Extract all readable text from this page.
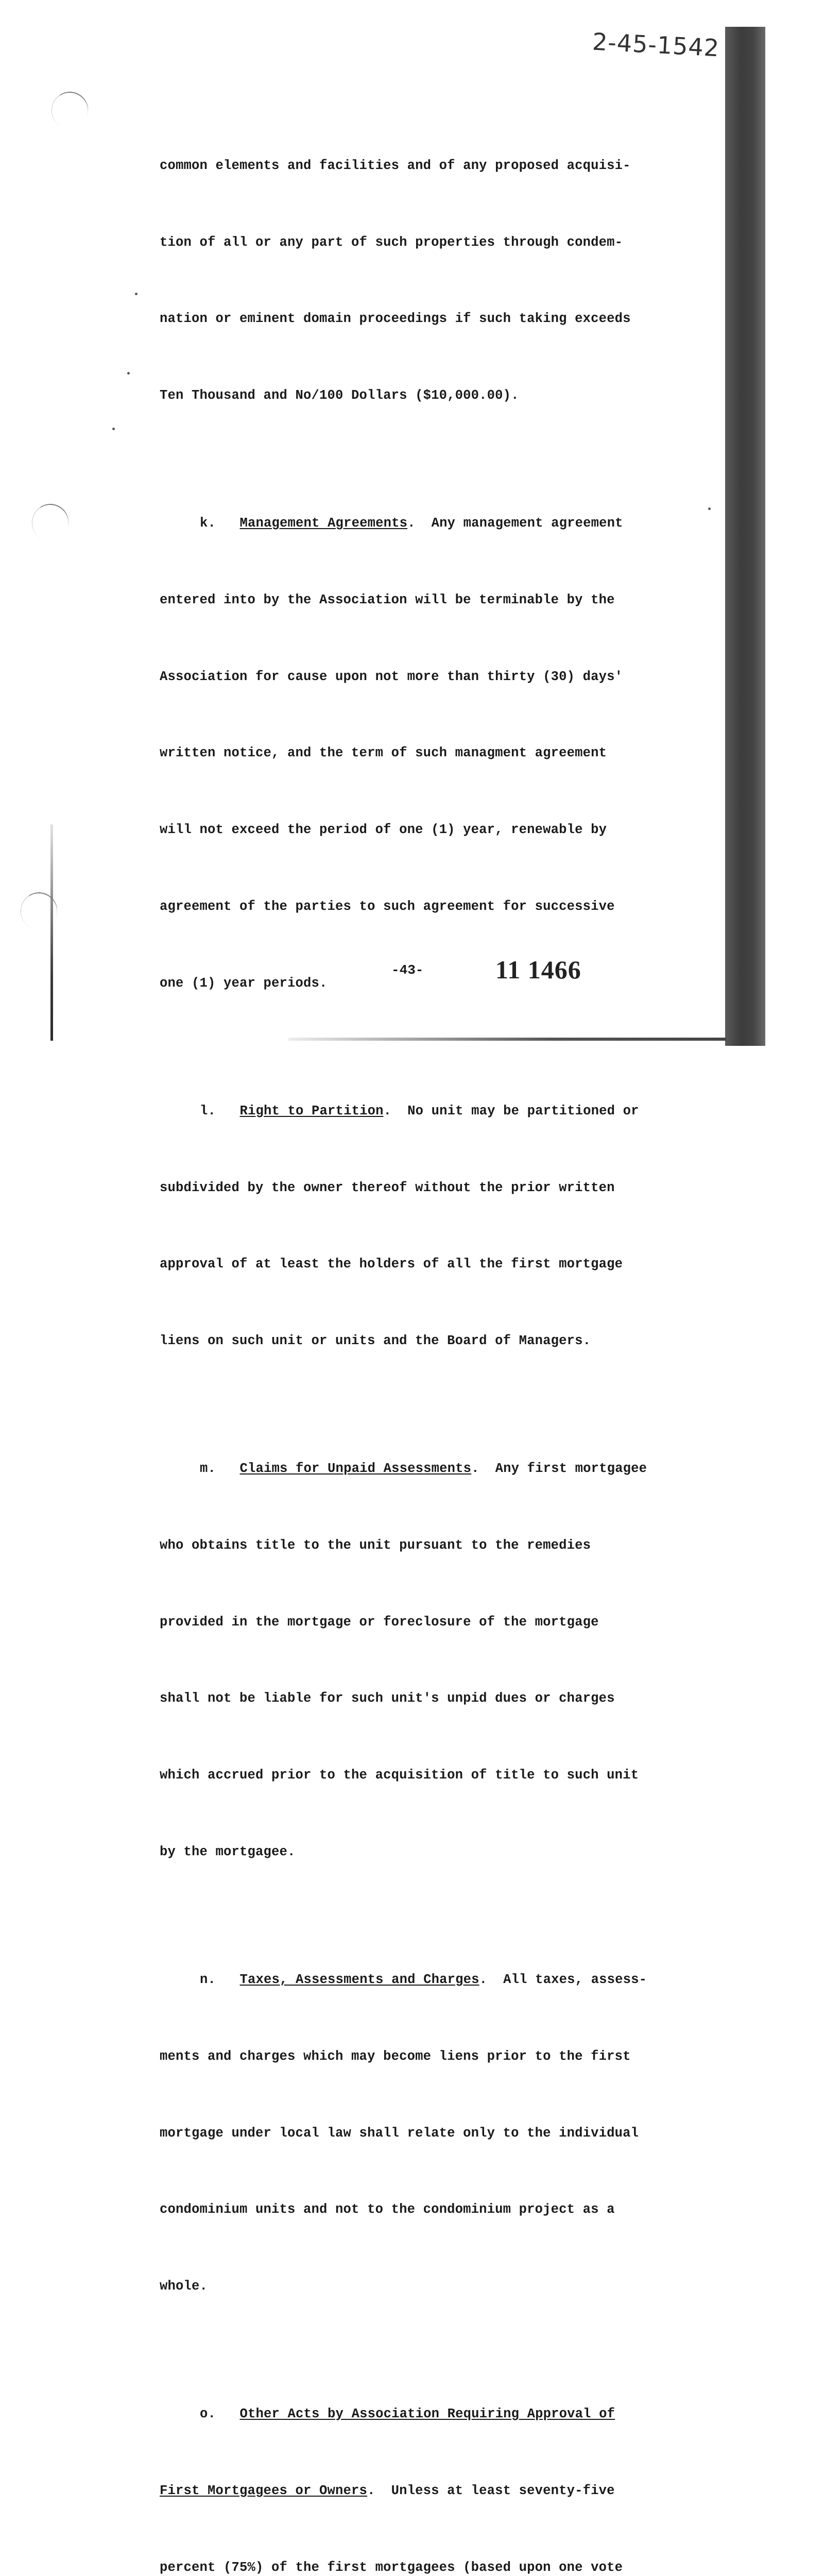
2-45-1542

common elements and facilities and of any proposed acquisi-

tion of all or any part of such properties through condem-

nation or eminent domain proceedings if such taking exceeds

Ten Thousand and No/100 Dollars ($10,000.00).

k. Management Agreements.  Any management agreement

entered into by the Association will be terminable by the

Association for cause upon not more than thirty (30) days'

written notice, and the term of such managment agreement

will not exceed the period of one (1) year, renewable by

agreement of the parties to such agreement for successive

one (1) year periods.

l. Right to Partition.  No unit may be partitioned or

subdivided by the owner thereof without the prior written

approval of at least the holders of all the first mortgage

liens on such unit or units and the Board of Managers.

m. Claims for Unpaid Assessments.  Any first mortgagee

who obtains title to the unit pursuant to the remedies

provided in the mortgage or foreclosure of the mortgage

shall not be liable for such unit's unpid dues or charges

which accrued prior to the acquisition of title to such unit

by the mortgagee.

n. Taxes, Assessments and Charges.  All taxes, assess-

ments and charges which may become liens prior to the first

mortgage under local law shall relate only to the individual

condominium units and not to the condominium project as a

whole.

o. Other Acts by Association Requiring Approval of

First Mortgagees or Owners.  Unless at least seventy-five

percent (75%) of the first mortgagees (based upon one vote

-43-	11 1466
